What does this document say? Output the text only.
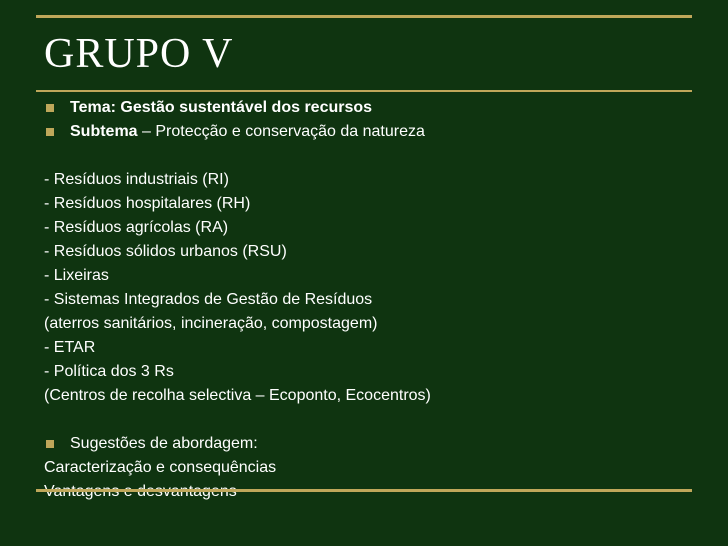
GRUPO V
Tema: Gestão sustentável dos recursos
Subtema – Protecção e conservação da natureza
- Resíduos industriais (RI)
- Resíduos hospitalares (RH)
- Resíduos agrícolas (RA)
- Resíduos sólidos urbanos (RSU)
- Lixeiras
- Sistemas Integrados de Gestão de Resíduos
(aterros sanitários, incineração, compostagem)
- ETAR
- Política dos 3 Rs
(Centros de recolha selectiva – Ecoponto, Ecocentros)
Sugestões de abordagem:
Caracterização e consequências
